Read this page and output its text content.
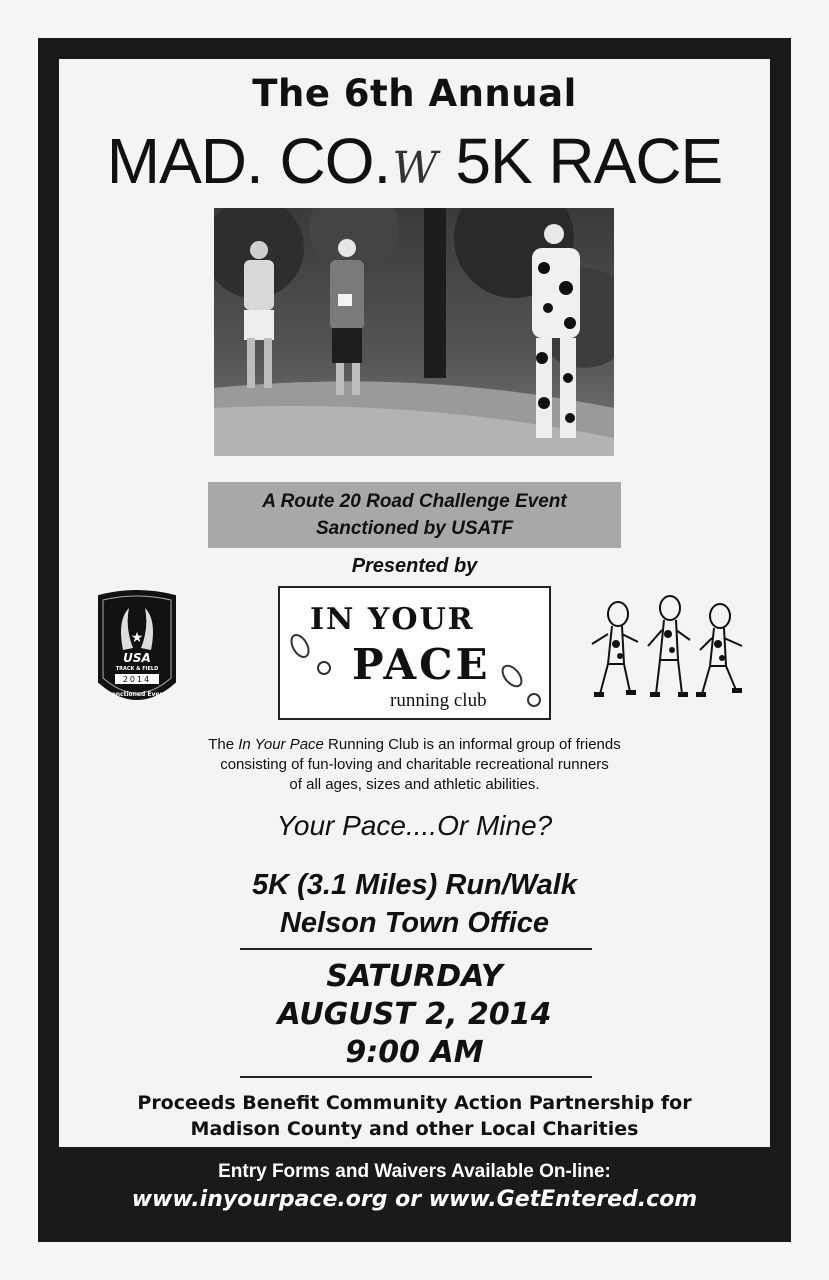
The 6th Annual
MAD. CO.W 5K RACE
A Route 20 Road Challenge Event
Sanctioned by USATF
Presented by
★
USA
TRACK & FIELD
2014
Sanctioned Event
IN YOUR
PACE
running club
The In Your Pace Running Club is an informal group of friends
consisting of fun-loving and charitable recreational runners
of all ages, sizes and athletic abilities.
Your Pace....Or Mine?
5K (3.1 Miles) Run/Walk
Nelson Town Office
SATURDAY
AUGUST 2, 2014
9:00 AM
Proceeds Benefit Community Action Partnership for
Madison County and other Local Charities
Entry Forms and Waivers Available On-line:
www.inyourpace.org or www.GetEntered.com
